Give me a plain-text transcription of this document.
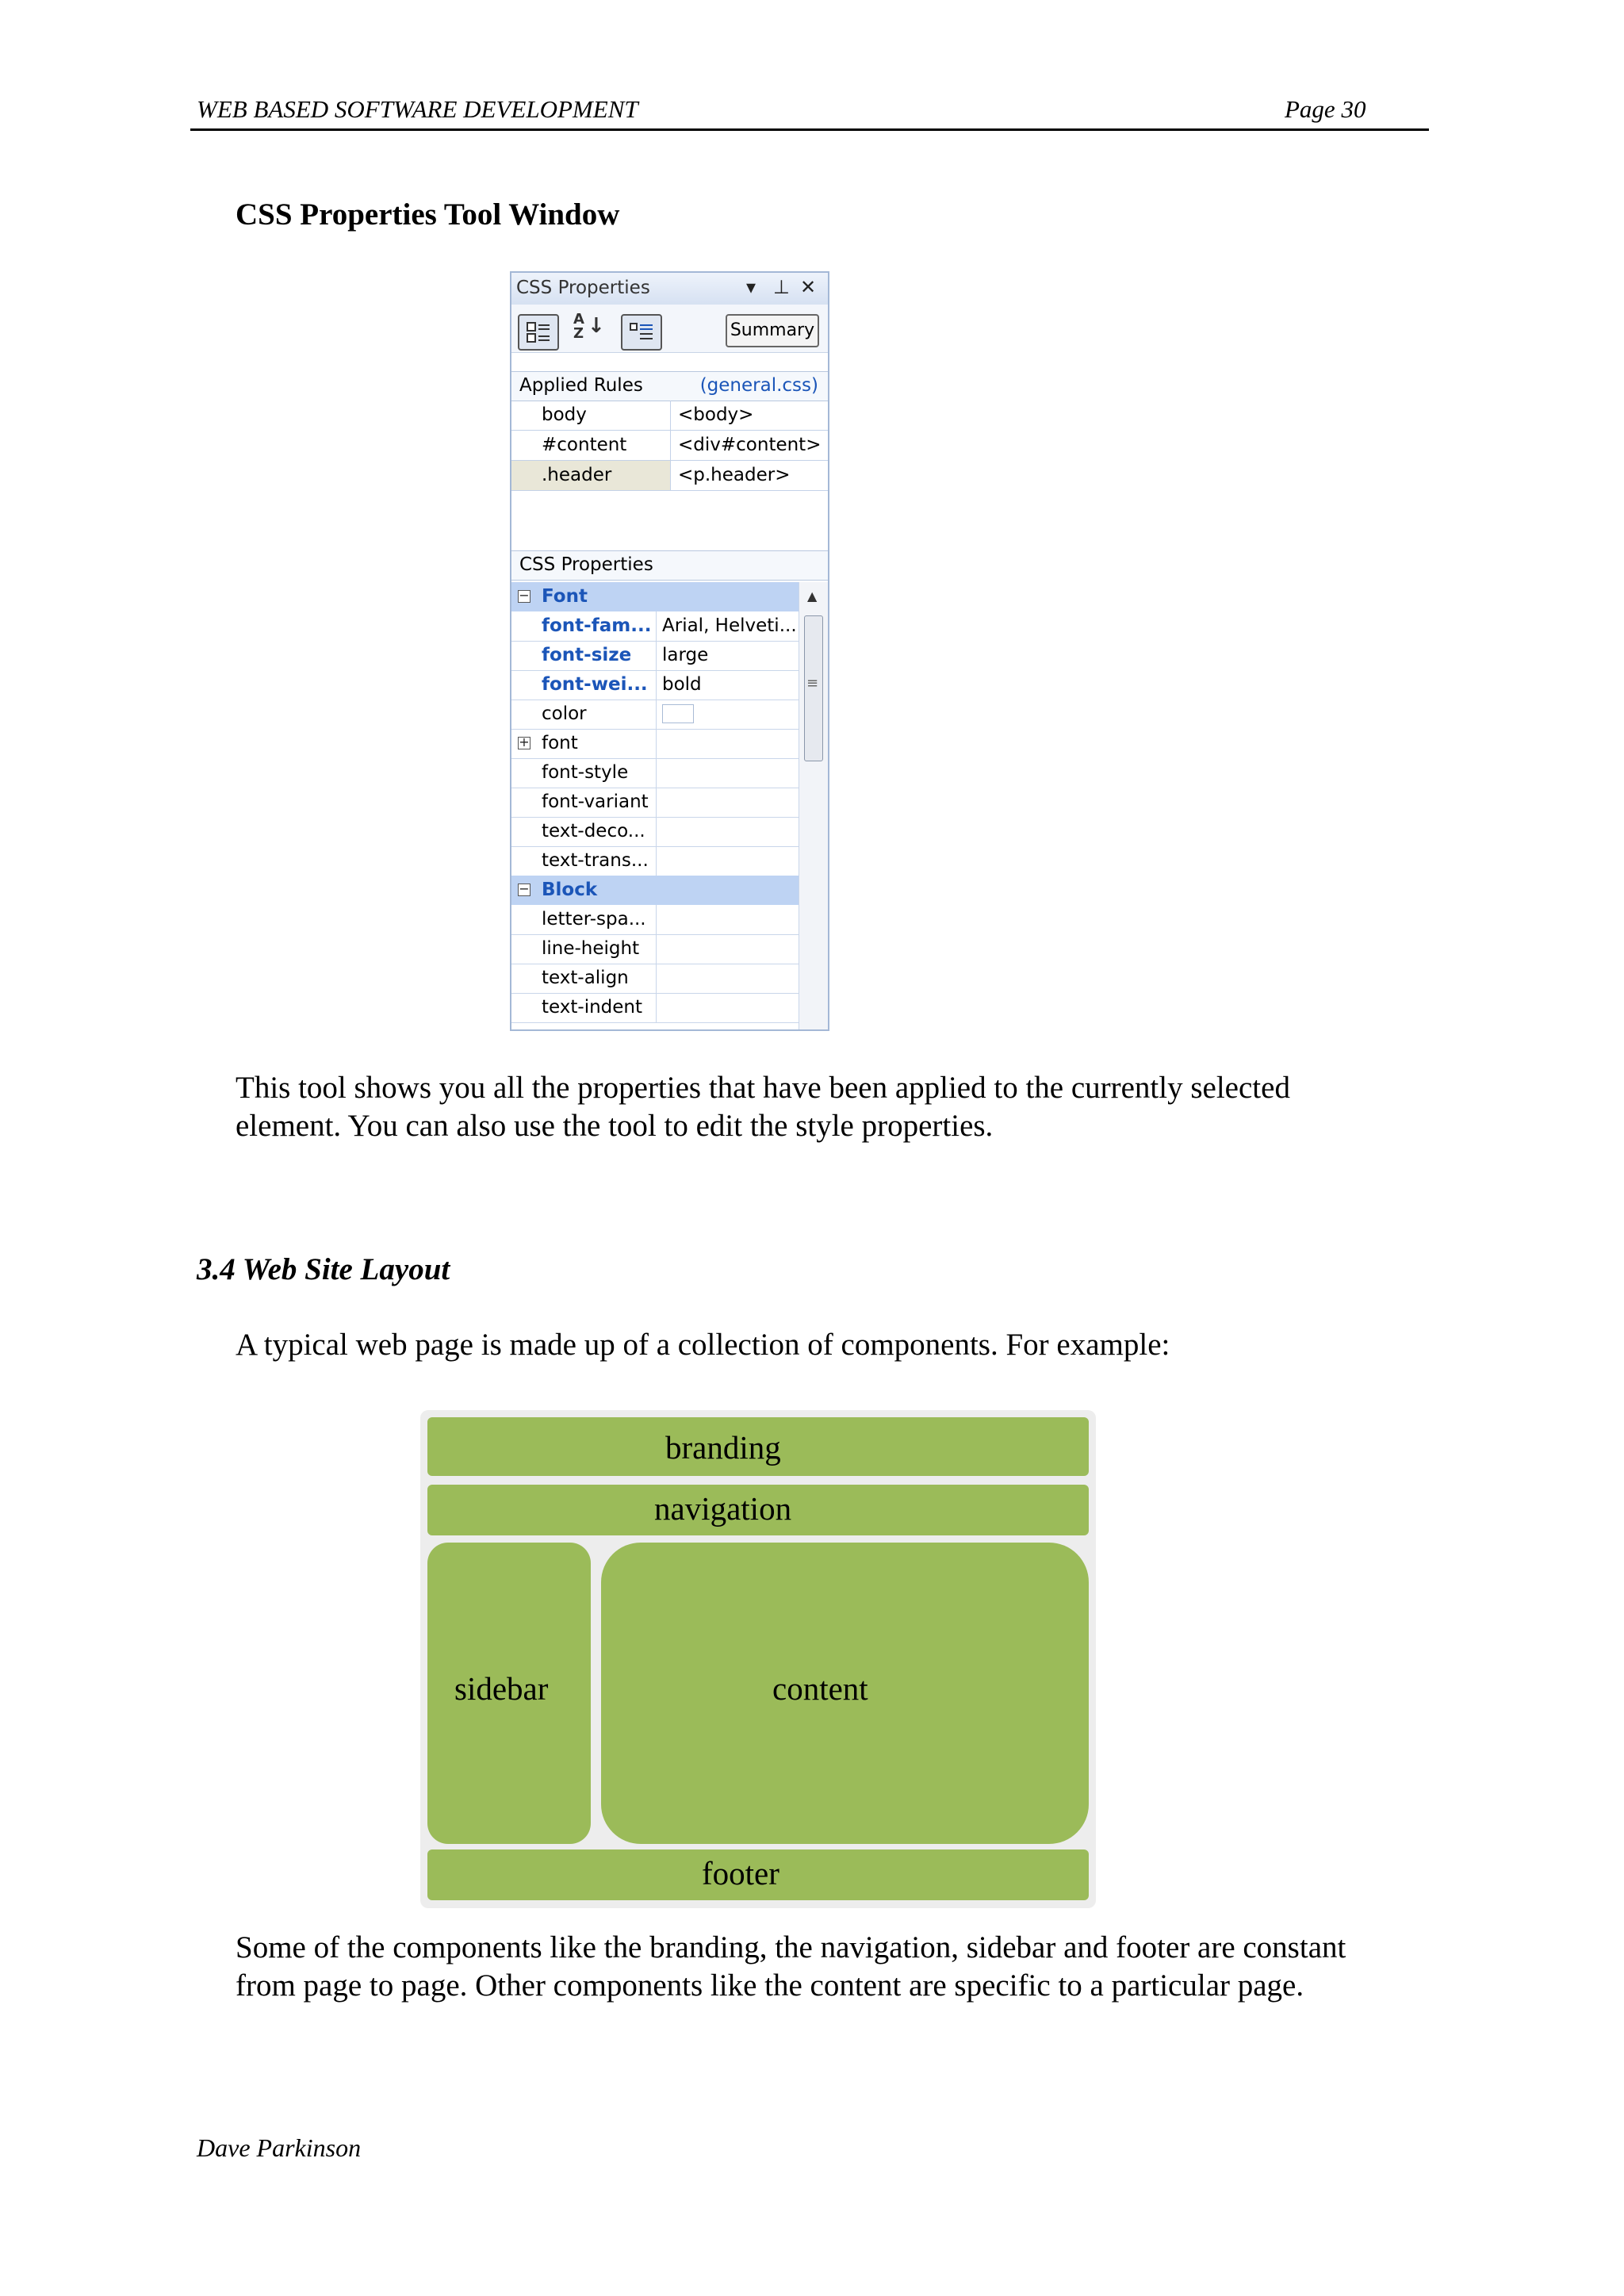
WEB BASED SOFTWARE DEVELOPMENT	Page 30
CSS Properties Tool Window
CSS Properties	▾ ⊥ ✕
A
Z ↓	Summary
Applied Rules	(general.css)
body	<body>
#content	<div#content>
.header	<p.header>
CSS Properties
− Font
font-fam... Arial, Helveti...
font-size large
font-wei... bold
color
+ font
font-style
font-variant
text-deco...
text-trans...
− Block
letter-spa...
line-height
text-align
text-indent
▲
≡
This tool shows you all the properties that have been applied to the currently selected
element. You can also use the tool to edit the style properties.
3.4 Web Site Layout
A typical web page is made up of a collection of components. For example:
branding
navigation
sidebar	content
footer
Some of the components like the branding, the navigation, sidebar and footer are constant
from page to page. Other components like the content are specific to a particular page.
Dave Parkinson
